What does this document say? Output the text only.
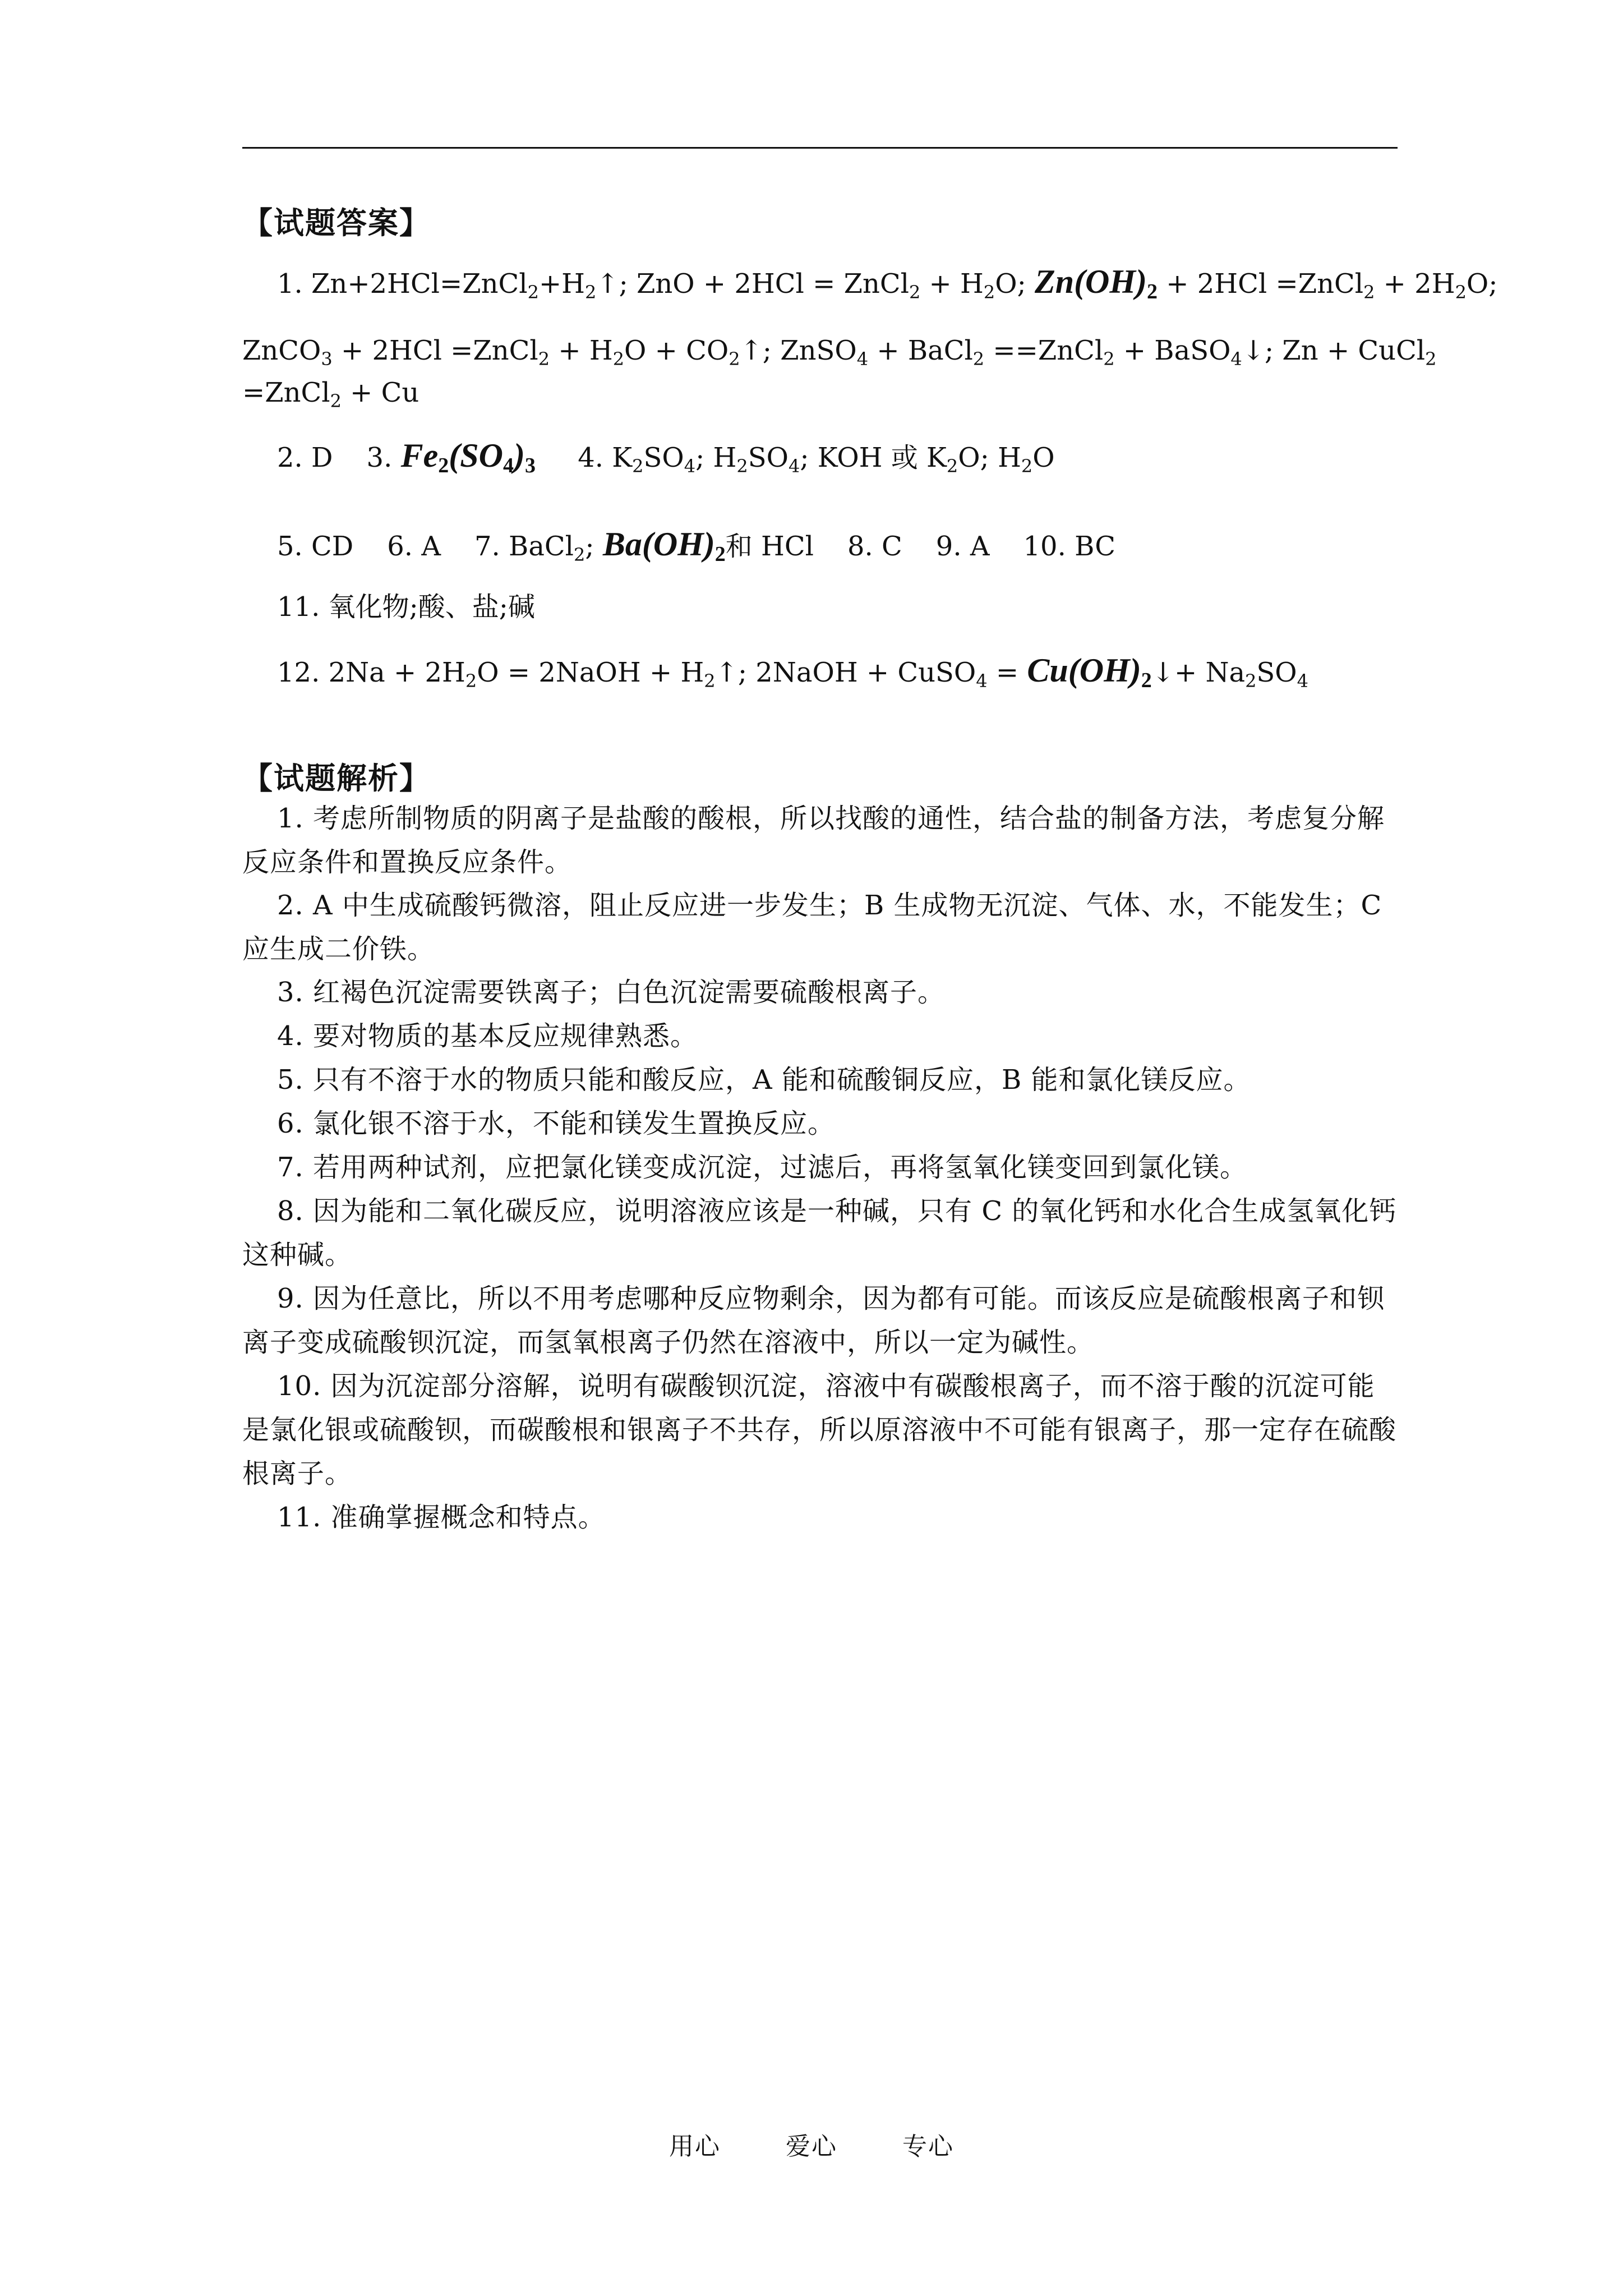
【试题答案】
1. $Zn+2HCl=ZnCl_2+H_2↑$; ZnO + 2HCl = ZnCl$_2$ + $H_2O$; $Zn(OH)_2 + 2HCl$ =ZnCl$_2$ + $2H_2O$;
ZnCO$_3$ + 2HCl =ZnCl$_2$ + $H_2O$ + $CO_2↑$; ZnSO$_4$ + BaCl$_2$ ==ZnCl$_2$ + BaSO$_4$↓; Zn + CuCl$_2$
=ZnCl$_2$ + Cu
2. D 3. $Fe_2(SO_4)_3$ 4. $K_2SO_4$; $H_2SO_4$; KOH 或 $K_2O$; $H_2O$
5. CD 6. A 7. BaCl$_2$; $Ba(OH)_2$和 HCl 8. C 9. A 10. BC
11. 氧化物;酸、盐;碱
12. $2Na + 2H_2O$ = 2NaOH + $H_2↑$; 2NaOH + CuSO$_4$ = $Cu(OH)_2↓+ Na_2SO_4$
【试题解析】
1. 考虑所制物质的阴离子是盐酸的酸根，所以找酸的通性，结合盐的制备方法，考虑复分解反应条件和置换反应条件。
2. A 中生成硫酸钙微溶，阻止反应进一步发生；B 生成物无沉淀、气体、水，不能发生；C 应生成二价铁。
3. 红褐色沉淀需要铁离子；白色沉淀需要硫酸根离子。
4. 要对物质的基本反应规律熟悉。
5. 只有不溶于水的物质只能和酸反应，A 能和硫酸铜反应，B 能和氯化镁反应。
6. 氯化银不溶于水，不能和镁发生置换反应。
7. 若用两种试剂，应把氯化镁变成沉淀，过滤后，再将氢氧化镁变回到氯化镁。
8. 因为能和二氧化碳反应，说明溶液应该是一种碱，只有 C 的氧化钙和水化合生成氢氧化钙这种碱。
9. 因为任意比，所以不用考虑哪种反应物剩余，因为都有可能。而该反应是硫酸根离子和钡离子变成硫酸钡沉淀，而氢氧根离子仍然在溶液中，所以一定为碱性。
10. 因为沉淀部分溶解，说明有碳酸钡沉淀，溶液中有碳酸根离子，而不溶于酸的沉淀可能是氯化银或硫酸钡，而碳酸根和银离子不共存，所以原溶液中不可能有银离子，那一定存在硫酸根离子。
11. 准确掌握概念和特点。
用心	爱心	专心
